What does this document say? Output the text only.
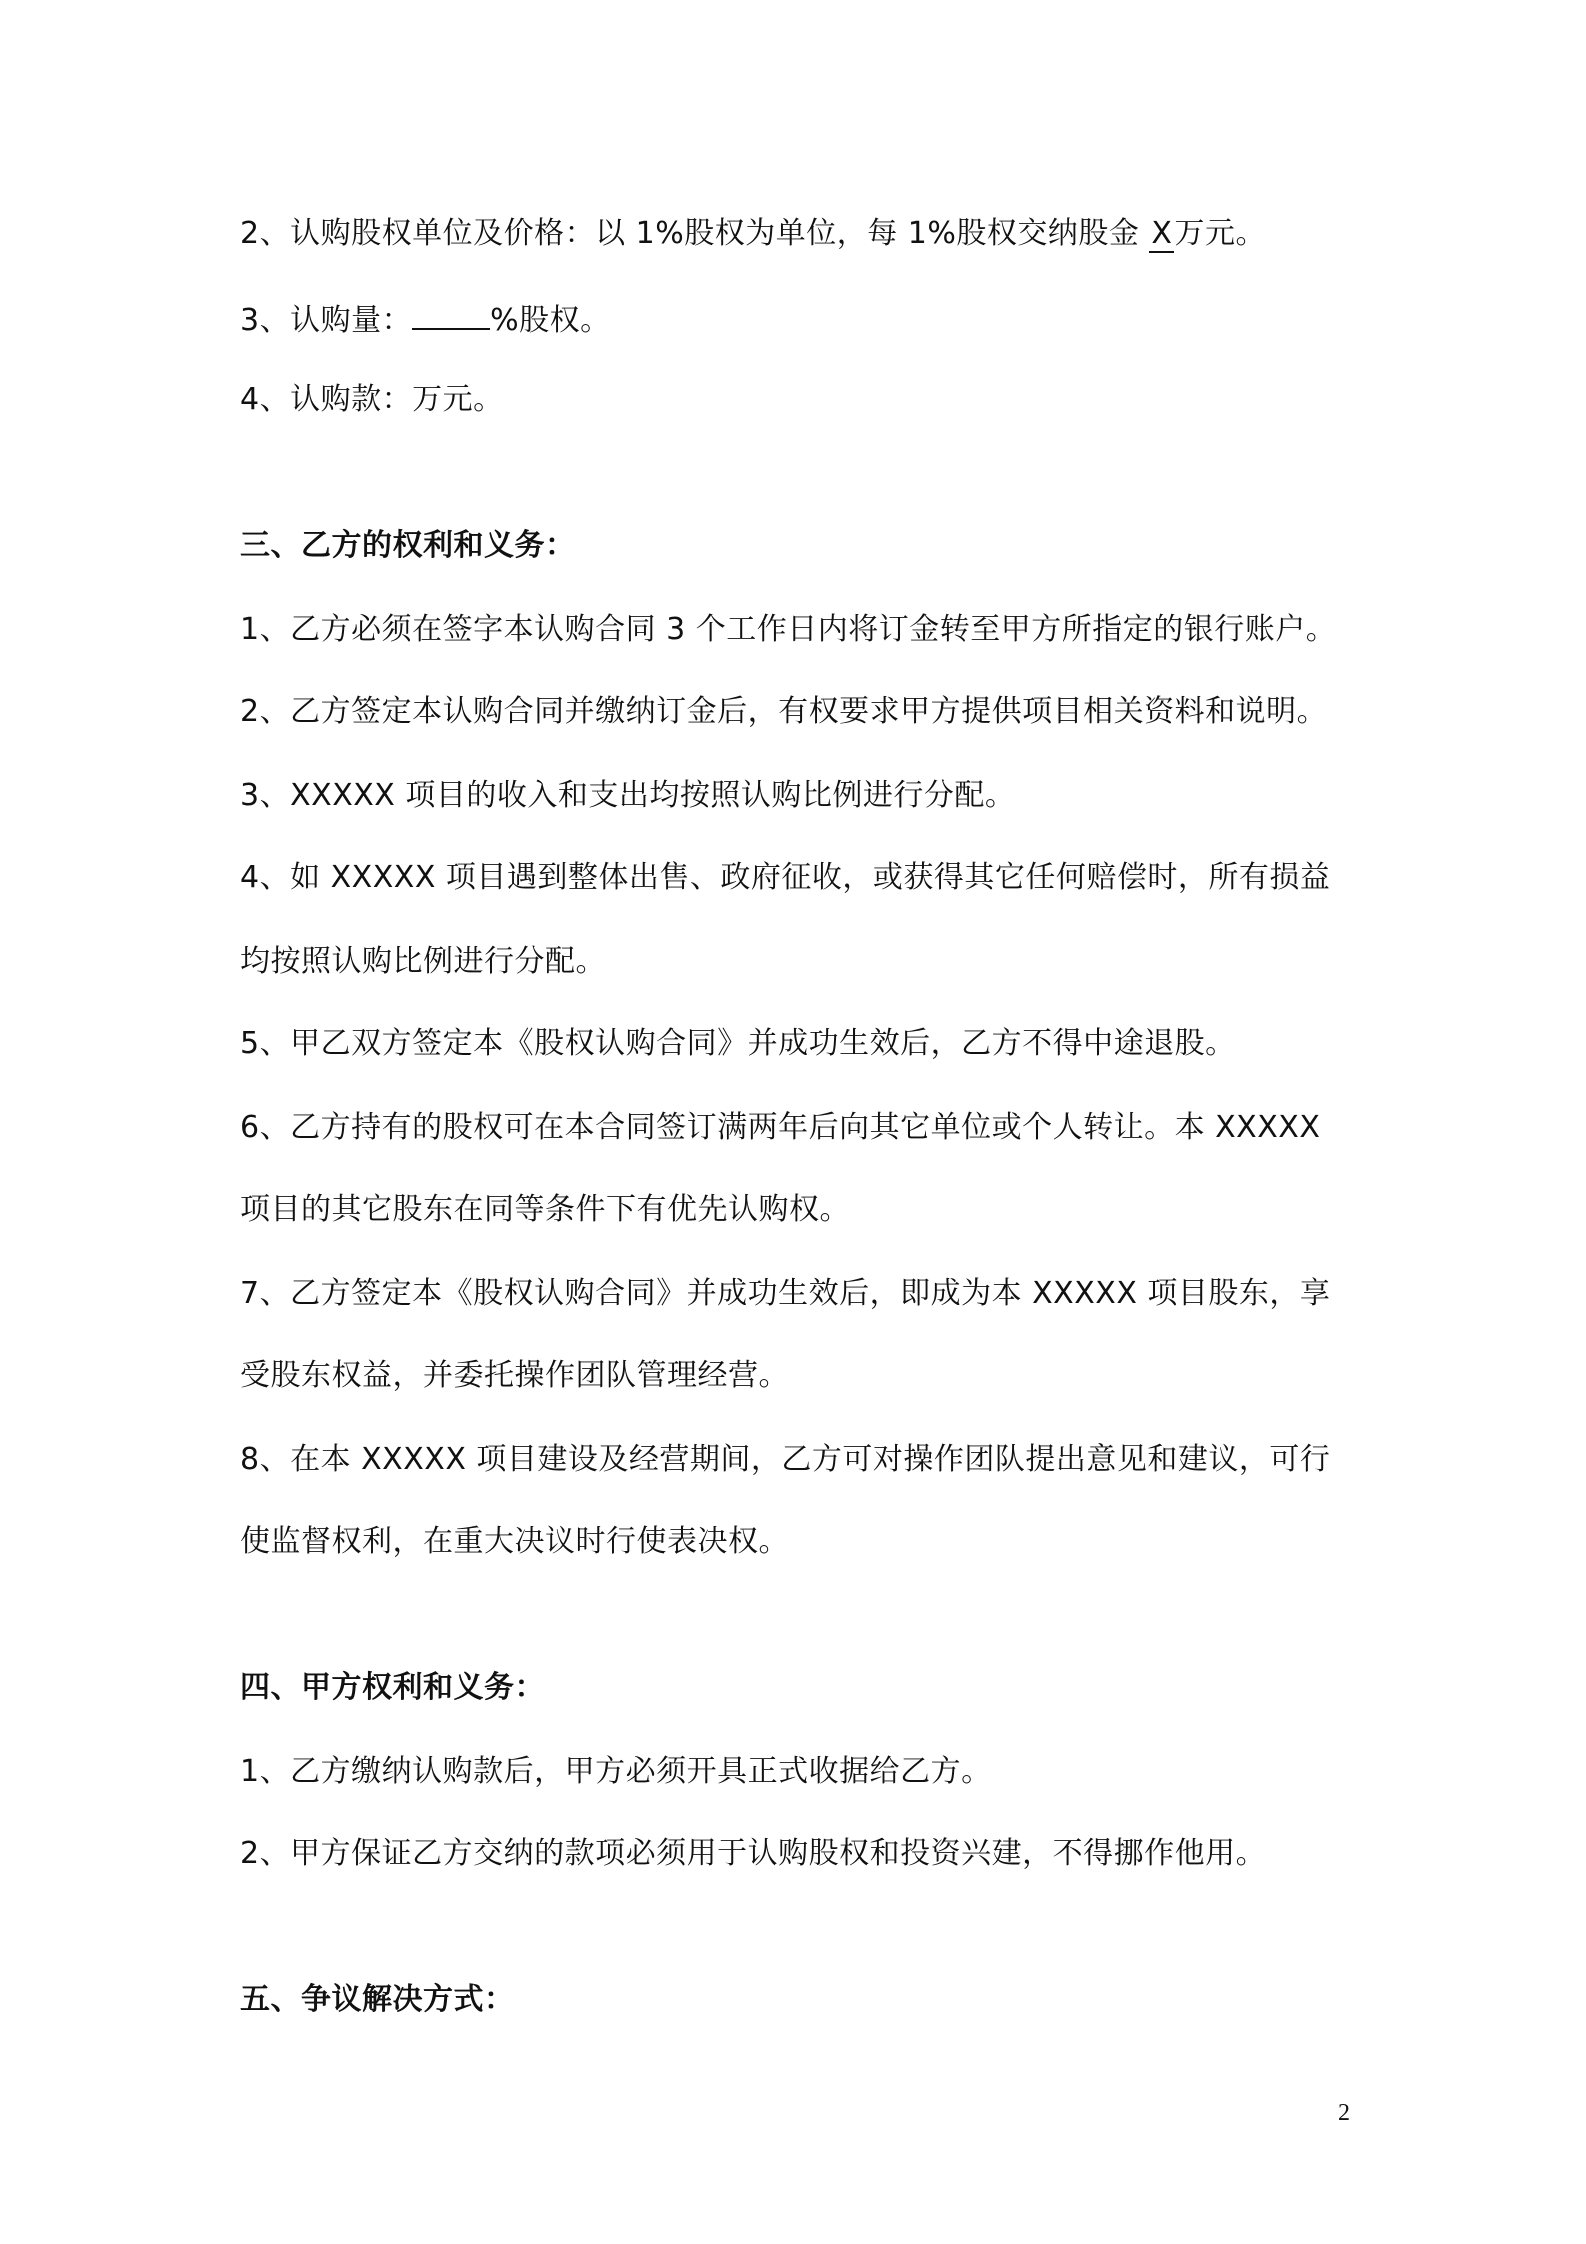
2、认购股权单位及价格：以 1%股权为单位，每 1%股权交纳股金 X万元。
3、认购量：	%股权。
4、认购款：万元。
三、乙方的权利和义务：
1、乙方必须在签字本认购合同 3 个工作日内将订金转至甲方所指定的银行账户。
2、乙方签定本认购合同并缴纳订金后，有权要求甲方提供项目相关资料和说明。
3、XXXXX 项目的收入和支出均按照认购比例进行分配。
4、如 XXXXX 项目遇到整体出售、政府征收，或获得其它任何赔偿时，所有损益
均按照认购比例进行分配。
5、甲乙双方签定本《股权认购合同》并成功生效后，乙方不得中途退股。
6、乙方持有的股权可在本合同签订满两年后向其它单位或个人转让。本 XXXXX
项目的其它股东在同等条件下有优先认购权。
7、乙方签定本《股权认购合同》并成功生效后，即成为本 XXXXX 项目股东，享
受股东权益，并委托操作团队管理经营。
8、在本 XXXXX 项目建设及经营期间，乙方可对操作团队提出意见和建议，可行
使监督权利，在重大决议时行使表决权。
四、甲方权利和义务：
1、乙方缴纳认购款后，甲方必须开具正式收据给乙方。
2、甲方保证乙方交纳的款项必须用于认购股权和投资兴建，不得挪作他用。
五、争议解决方式：
2
